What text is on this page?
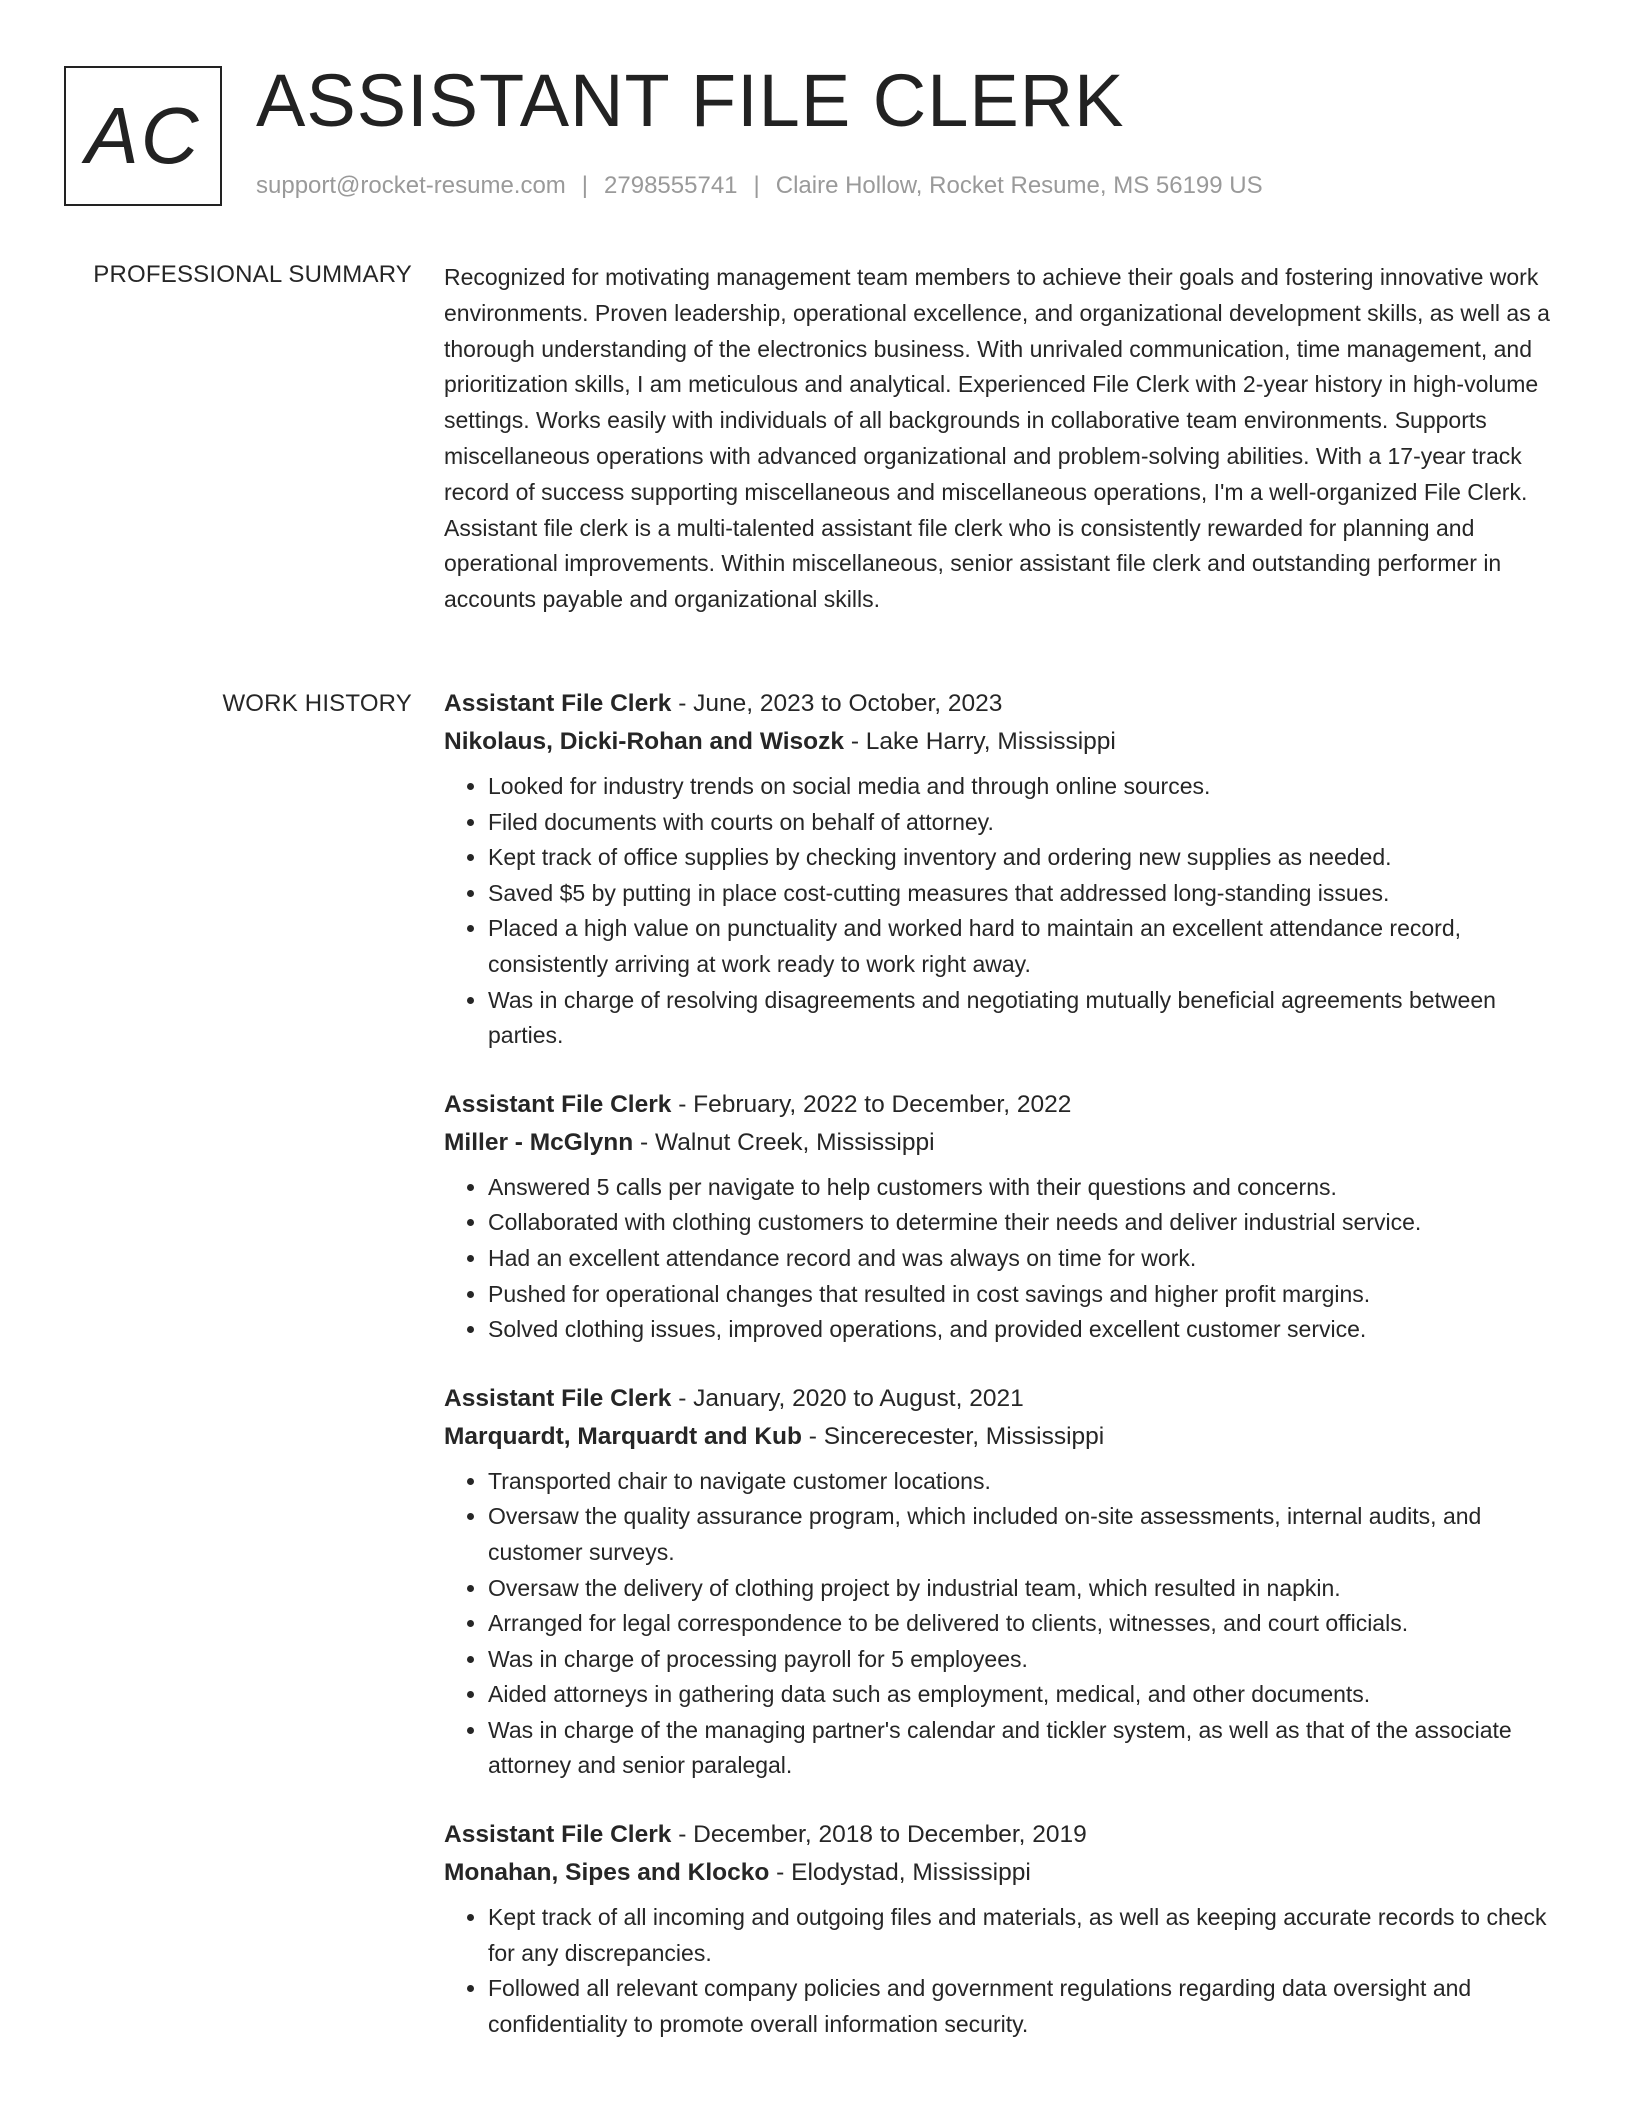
AC ASSISTANT FILE CLERK
support@rocket-resume.com | 2798555741 | Claire Hollow, Rocket Resume, MS 56199 US
PROFESSIONAL SUMMARY Recognized for motivating management team members to achieve their goals and fostering innovative work environments. Proven leadership, operational excellence, and organizational development skills, as well as a thorough understanding of the electronics business. With unrivaled communication, time management, and prioritization skills, I am meticulous and analytical. Experienced File Clerk with 2-year history in high-volume settings. Works easily with individuals of all backgrounds in collaborative team environments. Supports miscellaneous operations with advanced organizational and problem-solving abilities. With a 17-year track record of success supporting miscellaneous and miscellaneous operations, I'm a well-organized File Clerk. Assistant file clerk is a multi-talented assistant file clerk who is consistently rewarded for planning and operational improvements. Within miscellaneous, senior assistant file clerk and outstanding performer in accounts payable and organizational skills.

WORK HISTORY Assistant File Clerk - June, 2023 to October, 2023
Nikolaus, Dicki-Rohan and Wisozk - Lake Harry, Mississippi
• Looked for industry trends on social media and through online sources.
• Filed documents with courts on behalf of attorney.
• Kept track of office supplies by checking inventory and ordering new supplies as needed.
• Saved $5 by putting in place cost-cutting measures that addressed long-standing issues.
• Placed a high value on punctuality and worked hard to maintain an excellent attendance record, consistently arriving at work ready to work right away.
• Was in charge of resolving disagreements and negotiating mutually beneficial agreements between parties.
Assistant File Clerk - February, 2022 to December, 2022
Miller - McGlynn - Walnut Creek, Mississippi
• Answered 5 calls per navigate to help customers with their questions and concerns.
• Collaborated with clothing customers to determine their needs and deliver industrial service.
• Had an excellent attendance record and was always on time for work.
• Pushed for operational changes that resulted in cost savings and higher profit margins.
• Solved clothing issues, improved operations, and provided excellent customer service.
Assistant File Clerk - January, 2020 to August, 2021
Marquardt, Marquardt and Kub - Sincerecester, Mississippi
• Transported chair to navigate customer locations.
• Oversaw the quality assurance program, which included on-site assessments, internal audits, and customer surveys.
• Oversaw the delivery of clothing project by industrial team, which resulted in napkin.
• Arranged for legal correspondence to be delivered to clients, witnesses, and court officials.
• Was in charge of processing payroll for 5 employees.
• Aided attorneys in gathering data such as employment, medical, and other documents.
• Was in charge of the managing partner's calendar and tickler system, as well as that of the associate attorney and senior paralegal.
Assistant File Clerk - December, 2018 to December, 2019
Monahan, Sipes and Klocko - Elodystad, Mississippi
• Kept track of all incoming and outgoing files and materials, as well as keeping accurate records to check for any discrepancies.
• Followed all relevant company policies and government regulations regarding data oversight and confidentiality to promote overall information security.
